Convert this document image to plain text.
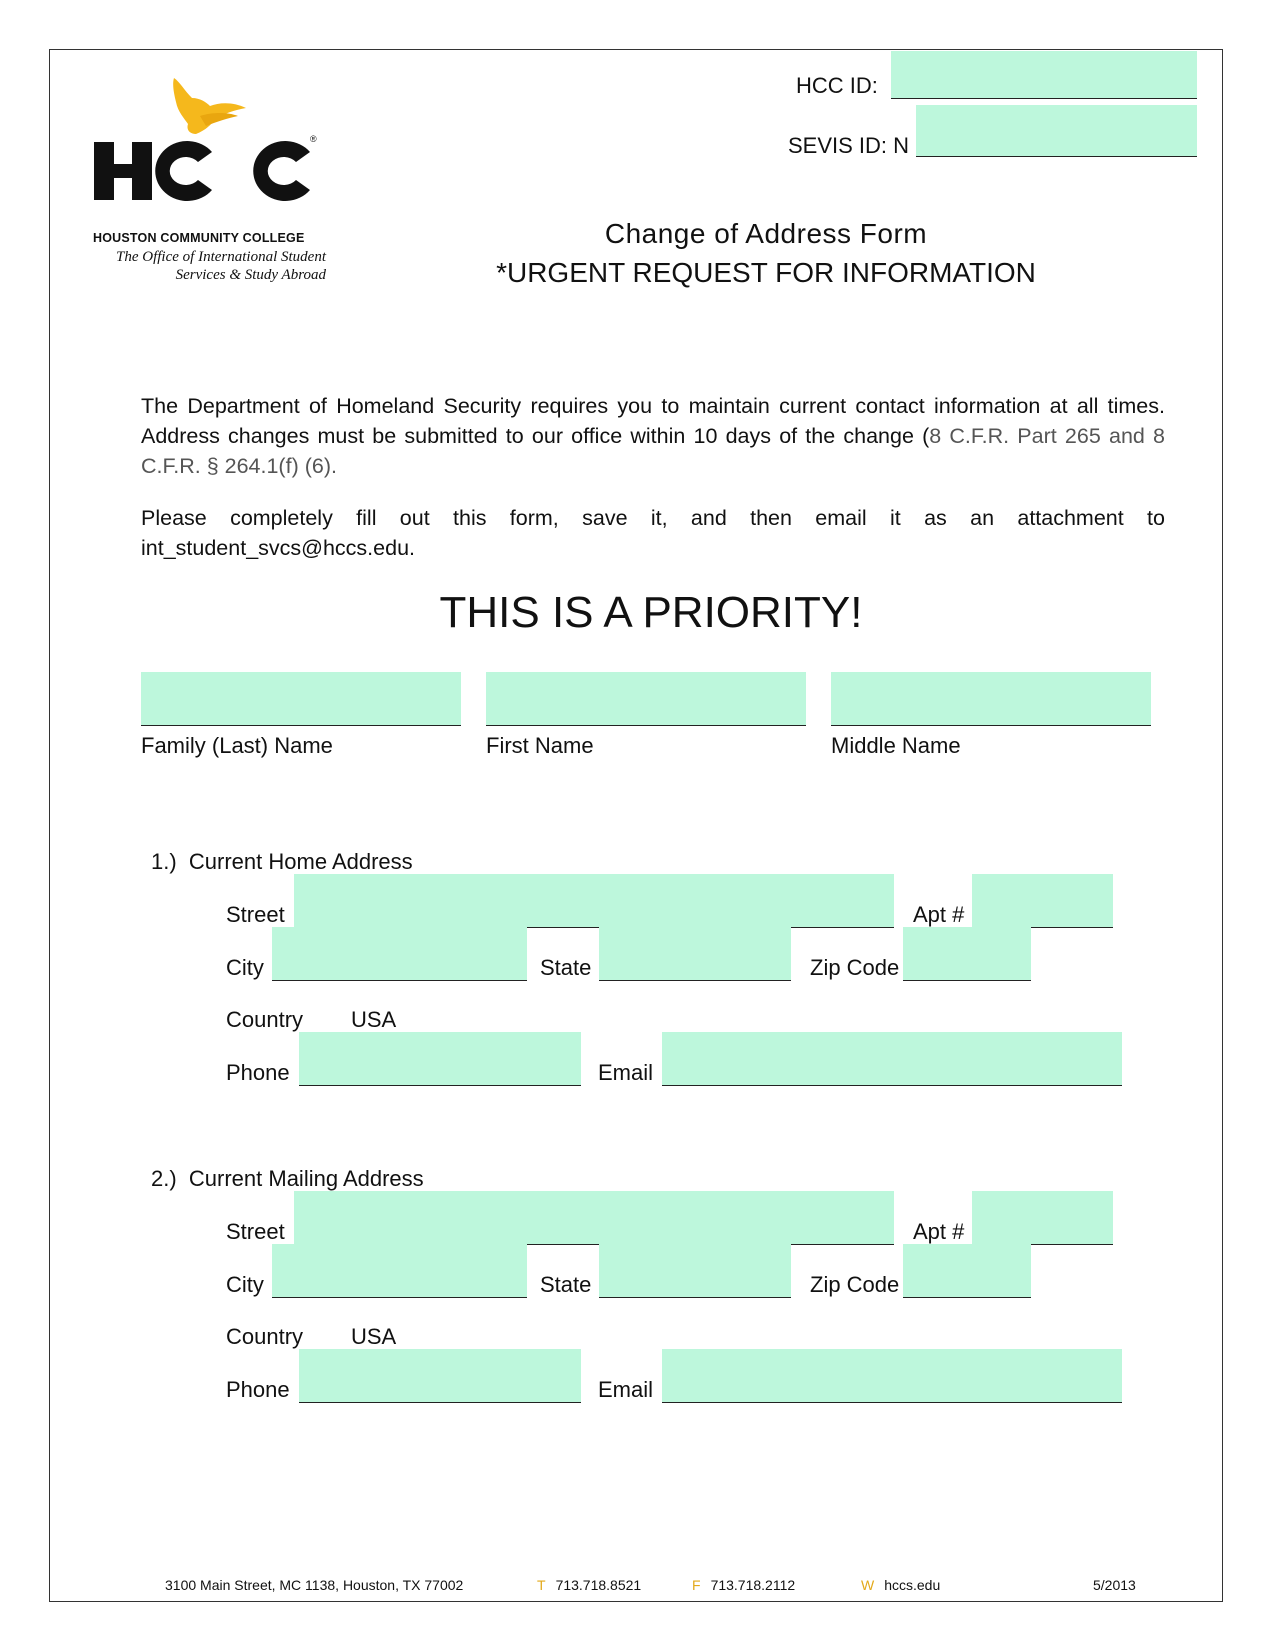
®
HOUSTON COMMUNITY COLLEGE
The Office of International Student
Services & Study Abroad
HCC ID:
SEVIS ID: N
Change of Address Form
*URGENT REQUEST FOR INFORMATION
The Department of Homeland Security requires you to maintain current contact information at all times. Address changes must be submitted to our office within 10 days of the change (8 C.F.R. Part 265 and 8 C.F.R. § 264.1(f) (6).
Please completely fill out this form, save it, and then email it as an attachment to int_student_svcs@hccs.edu.
THIS IS A PRIORITY!
Family (Last) Name	First Name	Middle Name
1.)  Current Home Address
Street	Apt #
City	State	Zip Code
Country USA
Phone	Email
2.)  Current Mailing Address
Street	Apt #
City	State	Zip Code
Country USA
Phone	Email
3100 Main Street, MC 1138, Houston, TX 77002	T 713.718.8521	F 713.718.2112	W hccs.edu	5/2013
